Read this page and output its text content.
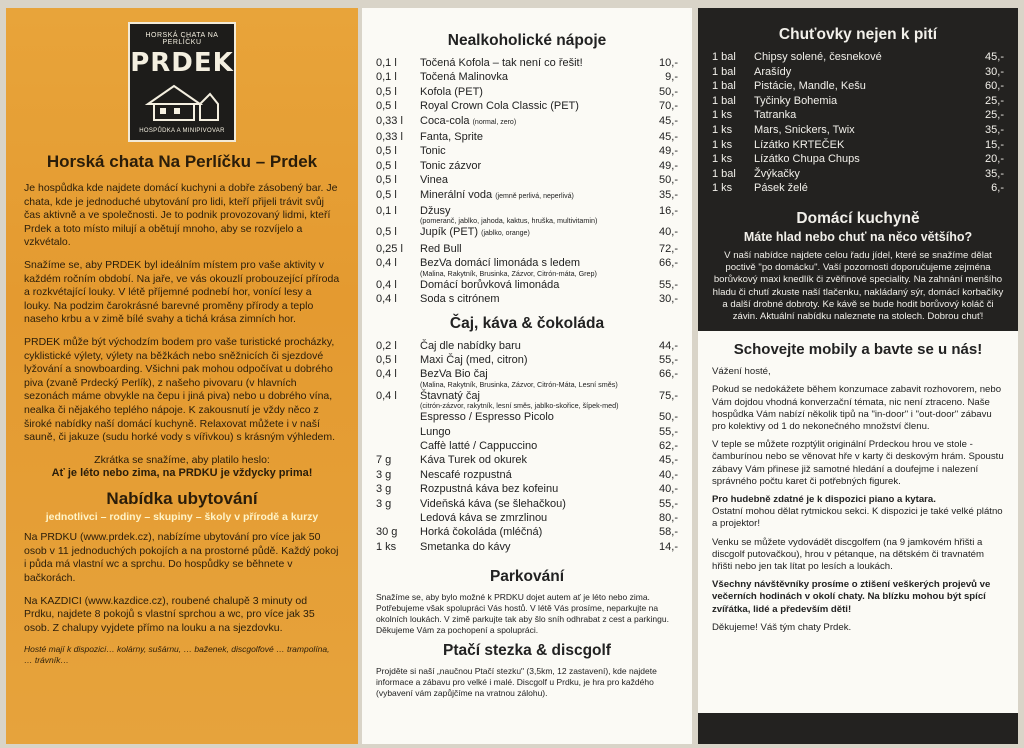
HORSKÁ CHATA NA PERLÍČKU
PRDEK
HOSPŮDKA A MINIPIVOVAR
Horská chata Na Perlíčku – Prdek

Je hospůdka kde najdete domácí kuchyni a dobře zásobený bar. Je chata, kde je jednoduché ubytování pro lidi, kteří přijeli trávit svůj čas aktivně a ve společnosti. Je to podnik provozovaný lidmi, kteří Prdek a toto místo milují a obětují mnoho, aby se rozvíjelo a vzkvétalo.

Snažíme se, aby PRDEK byl ideálním místem pro vaše aktivity v každém ročním období. Na jaře, ve vás okouzlí probouzející příroda a rozkvétající louky. V létě příjemné podnebí hor, vonící lesy a louky. Na podzim čarokrásné barevné proměny přírody a teplo naseho krbu a v zimě bílé svahy a tichá krása zimních hor.

PRDEK může být východzím bodem pro vaše turistické procházky, cyklistické výlety, výlety na běžkách nebo sněžnicích či sjezdové lyžování a snowboarding. Všichni pak mohou odpočívat u dobrého piva (zvaně Prdecký Perlík), z našeho pivovaru (v hlavních sezonách máme obvykle na čepu i jiná piva) nebo u dobrého vína, nealka či nějakého teplého nápoje. K zakousnutí je vždy něco z široké nabídky naší domácí kuchyně. Relaxovat můžete i v naší sauně, či jakuze (sudu horké vody s vířivkou) s krásným výhledem.

Zkrátka se snažíme, aby platilo heslo:

Ať je léto nebo zima, na PRDKU je vždycky prima!

Nabídka ubytování
jednotlivci – rodiny – skupiny – školy v přírodě a kurzy

Na PRDKU (www.prdek.cz), nabízíme ubytování pro více jak 50 osob v 11 jednoduchých pokojích a na prostorné půdě. Každý pokoj i půda má vlastní wc a sprchu. Do hospůdky se běhnete v bačkorách.

Na KAZDICI (www.kazdice.cz), roubené chalupě 3 minuty od Prdku, najdete 8 pokojů s vlastní sprchou a wc, pro více jak 35 osob. Z chalupy vyjdete přímo na louku a na sjezdovku.

Hosté mají k dispozici… kolárny, sušárnu, … baženek, discgolfové … trampolína, … trávník…

Nealkoholické nápoje
0,1 l	Točená Kofola – tak není co řešit!	10,-
0,1 l	Točená Malinovka	9,-
0,5 l	Kofola (PET)	50,-
0,5 l	Royal Crown Cola Classic (PET)	70,-
0,33 l	Coca-cola (normal, zero)	45,-
0,33 l	Fanta, Sprite	45,-
0,5 l	Tonic	49,-
0,5 l	Tonic zázvor	49,-
0,5 l	Vinea	50,-
0,5 l	Minerální voda (jemně perlivá, neperlivá)	35,-
0,1 l	Džusy	16,-
(pomeranč, jablko, jahoda, kaktus, hruška, multivitamin)
0,5 l	Jupík (PET) (jablko, orange)	40,-
0,25 l	Red Bull	72,-
0,4 l	BezVa domácí limonáda s ledem	66,-
(Malina, Rakytník, Brusinka, Zázvor, Citrón-máta, Grep)
0,4 l	Domácí borůvková limonáda	55,-
0,4 l	Soda s citrónem	30,-
Čaj, káva & čokoláda
0,2 l	Čaj dle nabídky baru	44,-
0,5 l	Maxi Čaj (med, citron)	55,-
0,4 l	BezVa Bio čaj	66,-
(Malina, Rakytník, Brusinka, Zázvor, Citrón-Máta, Lesní směs)
0,4 l	Štavnatý čaj	75,-
(citrón-zázvor, rakytník, lesní směs, jablko-skořice, šípek-med)
Espresso / Espresso Picolo	50,-
Lungo	55,-
Caffè latté / Cappuccino	62,-
7 g	Káva Turek od okurek	45,-
3 g	Nescafé rozpustná	40,-
3 g	Rozpustná káva bez kofeinu	40,-
3 g	Videňská káva (se šlehačkou)	55,-
Ledová káva se zmrzlinou	80,-
30 g	Horká čokoláda (mléčná)	58,-
1 ks	Smetanka do kávy	14,-
Parkování

Snažíme se, aby bylo možné k PRDKU dojet autem ať je léto nebo zima. Potřebujeme však spolupráci Vás hostů. V létě Vás prosíme, neparkujte na okolních loukách. V zimě parkujte tak aby šlo sníh odhrabat z cest a parkingu. Děkujeme Vám za pochopení a spolupráci.

Ptačí stezka & discgolf

Projděte si naší „naučnou Ptačí stezku" (3,5km, 12 zastavení), kde najdete informace a zábavu pro velké i malé. Discgolf u Prdku, je hra pro každého (vybavení vám zapůjčíme na vratnou zálohu).

Chuťovky nejen k pití
1 bal	Chipsy solené, česnekové	45,-
1 bal	Arašídy	30,-
1 bal	Pistácie, Mandle, Kešu	60,-
1 bal	Tyčinky Bohemia	25,-
1 ks	Tatranka	25,-
1 ks	Mars, Snickers, Twix	35,-
1 ks	Lízátko KRTEČEK	15,-
1 ks	Lízátko Chupa Chups	20,-
1 bal	Žvýkačky	35,-
1 ks	Pásek želé	6,-
Domácí kuchyně
Máte hlad nebo chuť na něco většího?

V naší nabídce najdete celou řadu jídel, které se snažíme dělat poctivě "po domácku". Vaší pozornosti doporučujeme zejména borůvkový maxi knedlík či zvěřinové speciality. Na zahnání menšího hladu či chutí zkuste naší tlačenku, nakládaný sýr, domácí korbačíky a další drobné dobroty. Ke kávě se bude hodit borůvový koláč či závin. Aktuální nabídku naleznete na stolech. Dobrou chuť!

Schovejte mobily a bavte se u nás!

Vážení hosté,

Pokud se nedokážete během konzumace zabavit rozhovorem, nebo Vám dojdou vhodná konverzační témata, nic není ztraceno. Naše hospůdka Vám nabízí několik tipů na "in-door" i "out-door" zábavu pro kolektivy od 1 do nekonečného množství členu.

V teple se můžete rozptýlit originální Prdeckou hrou ve stole - čamburínou nebo se věnovat hře v karty či deskovým hrám. Spoustu zábavy Vám přinese již samotné hledání a doufejme i nalezení správného počtu karet či potřebných figurek.

Pro hudebně zdatné je k dispozici piano a kytara.

Ostatní mohou dělat rytmickou sekci. K dispozici je také velké plátno a projektor!

Venku se můžete vydovádět discgolfem (na 9 jamkovém hřišti a discgolf putovačkou), hrou v pétanque, na dětském či travnatém hřišti nebo jen tak lítat po lesích a loukách.

Všechny návštěvníky prosíme o ztišení veškerých projevů ve večerních hodinách v okolí chaty. Na blízku mohou být spící zvířátka, lidé a především děti!

Děkujeme! Váš tým chaty Prdek.
